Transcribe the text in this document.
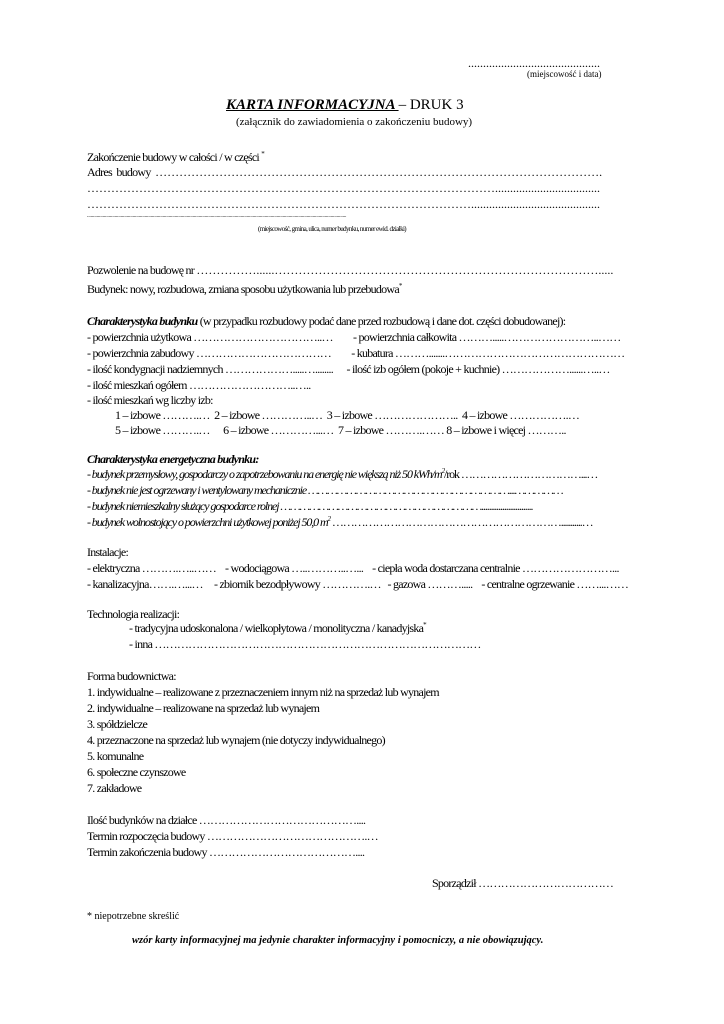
............................................
(miejscowość i data)
KARTA INFORMACYJNA – DRUK 3
(załącznik do zawiadomienia o zakończeniu budowy)
Zakończenie budowy w całości / w części *
Adres  budowy  ………………………………………………………………………………………………….
…………………………………………………………………………………………...................................
……………………………………………………………………………………...........................................
........................................................................................................................................................................................................................
(miejscowość, gmina, ulica, numer budynku, numer ewid. działki)
Pozwolenie na budowę nr ……………......……………………………………………………………………….....
Budynek: nowy, rozbudowa, zmiana sposobu użytkowania lub przebudowa*
Charakterystyka budynku (w przypadku rozbudowy podać dane przed rozbudową i dane dot. części dobudowanej):
- powierzchnia użytkowa ……………………………..…         - powierzchnia całkowita ……….....……………………..……
- powierzchnia zabudowy ………………………………         - kubatura ……….......…………………………………………
- ilość kondygnacji nadziemnych ……………….....…........      - ilość izb ogółem (pokoje + kuchnie) ………………......…..…
- ilość mieszkań ogółem ………………………..…..
- ilość mieszkań wg liczby izb:
1 – izbowe ……….…  2 – izbowe …………..…  3 – izbowe …………………..  4 – izbowe …………….…
5 – izbowe ……….…      6 – izbowe …………...…  7 – izbowe ……….…… 8 – izbowe i więcej ………..
Charakterystyka energetyczna budynku:
- budynek przemysłowy, gospodarczy o zapotrzebowaniu na energię nie większą niż 50 kWh/$m^2$/rok ……………………………...…
- budynek nie jest ogrzewany i wentylowany mechanicznie ………………………………………………………...……………
- budynek niemieszkalny służący gospodarce rolnej ………………………………………………………...........................
- budynek wolnostojący o powierzchni użytkowej poniżej 50,0 $m^2$ ………………………………………………………...........…
Instalacje:
- elektryczna ……….…..……    - wodociągowa …..………..…...    - ciepła woda dostarczana centralnie ……………………...
- kanalizacyjna…….…...…     - zbiornik bezodpływowy ………….…   - gazowa ……….....    - centralne ogrzewanie ……...……
Technologia realizacji:
- tradycyjna udoskonalona / wielkopłytowa / monolityczna / kanadyjska*
- inna ……………………………………………………………………………
Forma budownictwa:
1. indywidualne – realizowane z przeznaczeniem innym niż na sprzedaż lub wynajem
2. indywidualne – realizowane na sprzedaż lub wynajem
3. spółdzielcze
4. przeznaczone na sprzedaż lub wynajem (nie dotyczy indywidualnego)
5. komunalne
6. społeczne czynszowe
7. zakładowe
Ilość budynków na działce ……………………………………....
Termin rozpoczęcia budowy …………………………………….…
Termin zakończenia budowy …………………………………....
Sporządził ………………………………
* niepotrzebne skreślić
wzór karty informacyjnej ma jedynie charakter informacyjny i pomocniczy, a nie obowiązujący.
